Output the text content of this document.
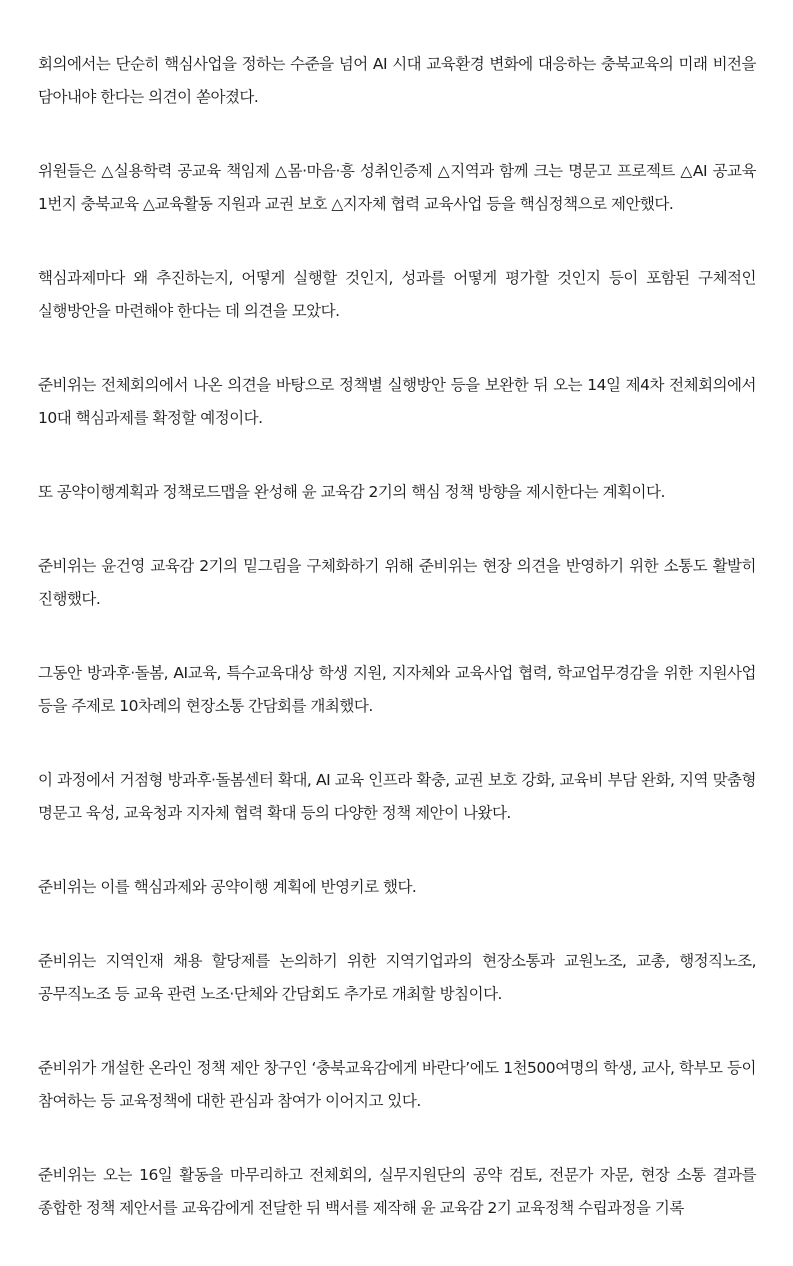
회의에서는 단순히 핵심사업을 정하는 수준을 넘어 AI 시대 교육환경 변화에 대응하는 충북교육의 미래 비전을 담아내야 한다는 의견이 쏟아졌다.

위원들은 △실용학력 공교육 책임제 △몸·마음·흥 성취인증제 △지역과 함께 크는 명문고 프로젝트 △AI 공교육 1번지 충북교육 △교육활동 지원과 교권 보호 △지자체 협력 교육사업 등을 핵심정책으로 제안했다.

핵심과제마다 왜 추진하는지, 어떻게 실행할 것인지, 성과를 어떻게 평가할 것인지 등이 포함된 구체적인 실행방안을 마련해야 한다는 데 의견을 모았다.

준비위는 전체회의에서 나온 의견을 바탕으로 정책별 실행방안 등을 보완한 뒤 오는 14일 제4차 전체회의에서 10대 핵심과제를 확정할 예정이다.

또 공약이행계획과 정책로드맵을 완성해 윤 교육감 2기의 핵심 정책 방향을 제시한다는 계획이다.

준비위는 윤건영 교육감 2기의 밑그림을 구체화하기 위해 준비위는 현장 의견을 반영하기 위한 소통도 활발히 진행했다.

그동안 방과후·돌봄, AI교육, 특수교육대상 학생 지원, 지자체와 교육사업 협력, 학교업무경감을 위한 지원사업 등을 주제로 10차례의 현장소통 간담회를 개최했다.

이 과정에서 거점형 방과후·돌봄센터 확대, AI 교육 인프라 확충, 교권 보호 강화, 교육비 부담 완화, 지역 맞춤형 명문고 육성, 교육청과 지자체 협력 확대 등의 다양한 정책 제안이 나왔다.

준비위는 이를 핵심과제와 공약이행 계획에 반영키로 했다.

준비위는 지역인재 채용 할당제를 논의하기 위한 지역기업과의 현장소통과 교원노조, 교총, 행정직노조, 공무직노조 등 교육 관련 노조·단체와 간담회도 추가로 개최할 방침이다.

준비위가 개설한 온라인 정책 제안 창구인 ‘충북교육감에게 바란다’에도 1천500여명의 학생, 교사, 학부모 등이 참여하는 등 교육정책에 대한 관심과 참여가 이어지고 있다.

준비위는 오는 16일 활동을 마무리하고 전체회의, 실무지원단의 공약 검토, 전문가 자문, 현장 소통 결과를 종합한 정책 제안서를 교육감에게 전달한 뒤 백서를 제작해 윤 교육감 2기 교육정책 수립과정을 기록
